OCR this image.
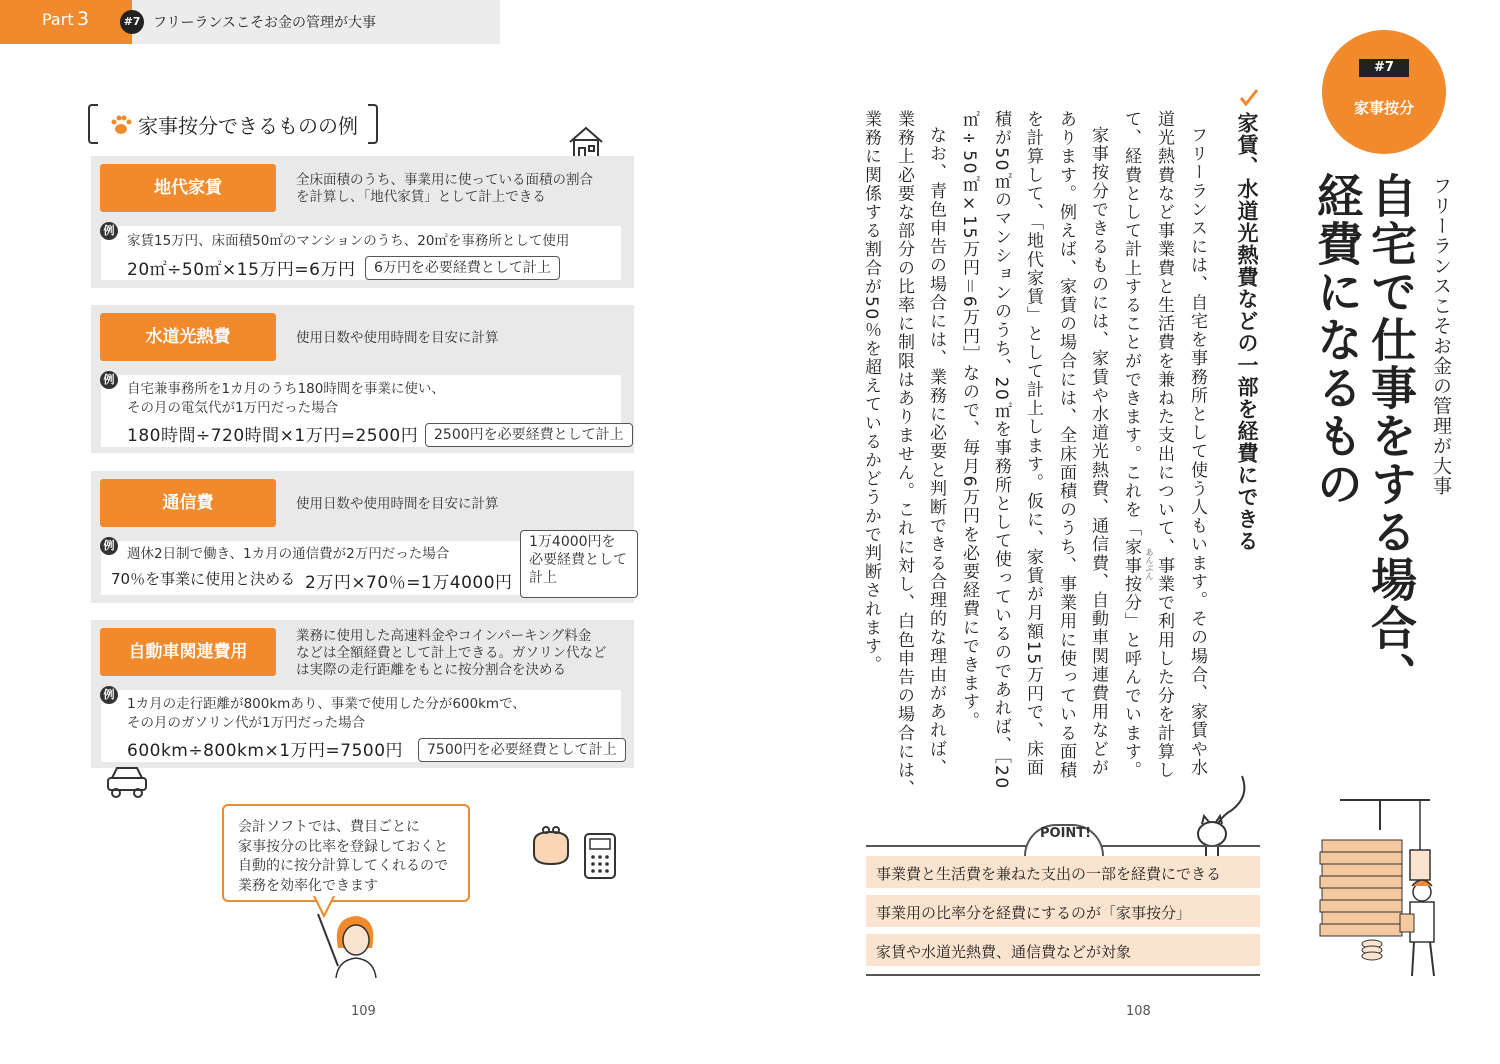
Part 3	#7 フリーランスこそお金の管理が大事
家事按分できるものの例
地代家賃	全床面積のうち、事業用に使っている面積の割合
を計算し、「地代家賃」として計上できる
家賃15万円、床面積50㎡のマンションのうち、20㎡を事務所として使用
20㎡÷50㎡×15万円=6万円
例
6万円を必要経費として計上
水道光熱費	使用日数や使用時間を目安に計算
自宅兼事務所を1カ月のうち180時間を事業に使い、
その月の電気代が1万円だった場合
180時間÷720時間×1万円=2500円
例
2500円を必要経費として計上
通信費	使用日数や使用時間を目安に計算
週休2日制で働き、1カ月の通信費が2万円だった場合
70％を事業に使用と決める 2万円×70％=1万4000円
例	1万4000円を
必要経費として
計上
自動車関連費用
業務に使用した高速料金やコインパーキング料金
などは全額経費として計上できる。ガソリン代など
は実際の走行距離をもとに按分割合を決める
1カ月の走行距離が800kmあり、事業で使用した分が600kmで、
その月のガソリン代が1万円だった場合
600km÷800km×1万円=7500円
例
7500円を必要経費として計上
会計ソフトでは、費目ごとに
家事按分の比率を登録しておくと
自動的に按分計算してくれるので
業務を効率化できます
109
#7
家事按分
フリーランスこそお金の管理が大事
自宅で仕事をする場合、
経費になるもの
家賃、水道光熱費などの一部を経費にできる
フリーランスには、自宅を事務所として使う人もいます。その場合、家賃や水
道光熱費など事業費と生活費を兼ねた支出について、事業で利用した分を計算し
て、経費として計上することができます。これを「家事按分」と呼んでいます。 あんぶん
家事按分できるものには、家賃や水道光熱費、通信費、自動車関連費用などが
あります。例えば、家賃の場合には、全床面積のうち、事業用に使っている面積
を計算して、「地代家賃」として計上します。仮に、家賃が月額15万円で、床面
積が50㎡のマンションのうち、20㎡を事務所として使っているのであれば、［20
㎡÷50㎡×15万円＝6万円］なので、毎月6万円を必要経費にできます。
なお、青色申告の場合には、業務に必要と判断できる合理的な理由があれば、
業務上必要な部分の比率に制限はありません。これに対し、白色申告の場合には、
業務に関係する割合が50％を超えているかどうかで判断されます。
POINT!
事業費と生活費を兼ねた支出の一部を経費にできる
事業用の比率分を経費にするのが「家事按分」
家賃や水道光熱費、通信費などが対象
108
